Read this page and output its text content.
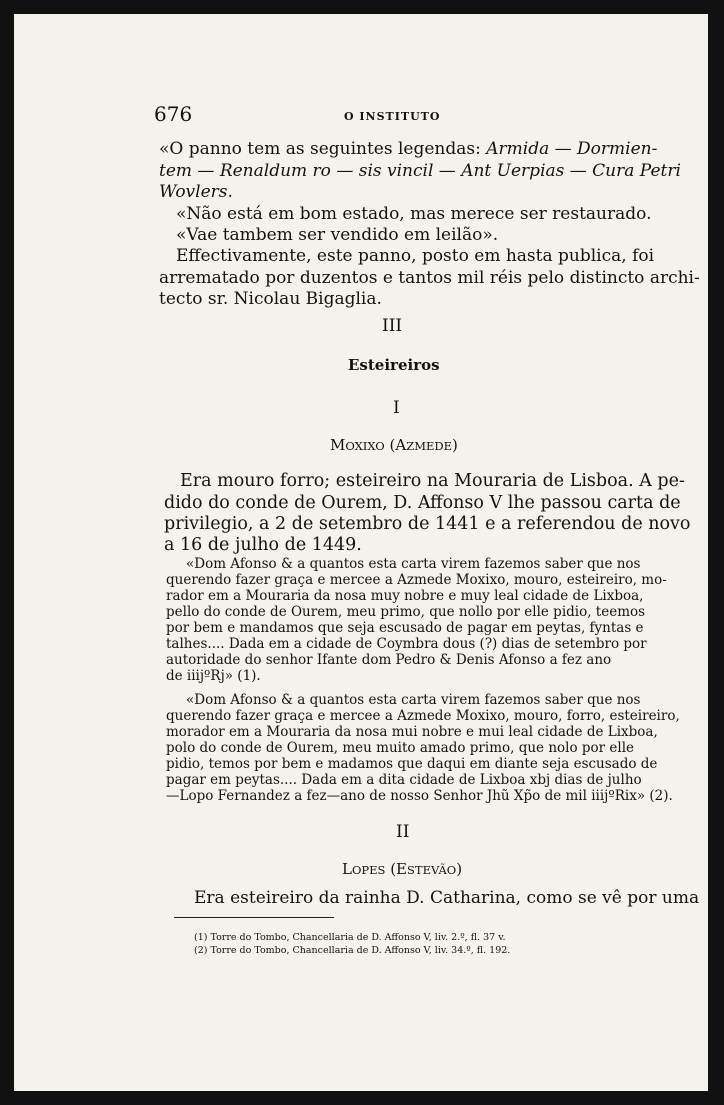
676	O INSTITUTO
«O panno tem as seguintes legendas: Armida — Dormien-
tem — Renaldum ro — sis vincil — Ant Uerpias — Cura Petri
Wovlers.
«Não está em bom estado, mas merece ser restaurado.
«Vae tambem ser vendido em leilão».
Effectivamente, este panno, posto em hasta publica, foi
arrematado por duzentos e tantos mil réis pelo distincto archi-
tecto sr. Nicolau Bigaglia.
III
Esteireiros
I
MOXIXO (AZMEDE)
Era mouro forro; esteireiro na Mouraria de Lisboa. A pe-
dido do conde de Ourem, D. Affonso V lhe passou carta de
privilegio, a 2 de setembro de 1441 e a referendou de novo
a 16 de julho de 1449.
«Dom Afonso & a quantos esta carta virem fazemos saber que nos
querendo fazer graça e mercee a Azmede Moxixo, mouro, esteireiro, mo-
rador em a Mouraria da nosa muy nobre e muy leal cidade de Lixboa,
pello do conde de Ourem, meu primo, que nollo por elle pidio, teemos
por bem e mandamos que seja escusado de pagar em peytas, fyntas e
talhes.... Dada em a cidade de Coymbra dous (?) dias de setembro por
autoridade do senhor Ifante dom Pedro & Denis Afonso a fez ano
de iiijºRj» (1).
«Dom Afonso & a quantos esta carta virem fazemos saber que nos
querendo fazer graça e mercee a Azmede Moxixo, mouro, forro, esteireiro,
morador em a Mouraria da nosa mui nobre e mui leal cidade de Lixboa,
polo do conde de Ourem, meu muito amado primo, que nolo por elle
pidio, temos por bem e madamos que daqui em diante seja escusado de
pagar em peytas.... Dada em a dita cidade de Lixboa xbj dias de julho
—Lopo Fernandez a fez—ano de nosso Senhor Jhũ Xp̃o de mil iiijºRix» (2).
II
LOPES (ESTEVÃO)
Era esteireiro da rainha D. Catharina, como se vê por uma
(1) Torre do Tombo, Chancellaria de D. Affonso V, liv. 2.º, fl. 37 v.
(2) Torre do Tombo, Chancellaria de D. Affonso V, liv. 34.º, fl. 192.
